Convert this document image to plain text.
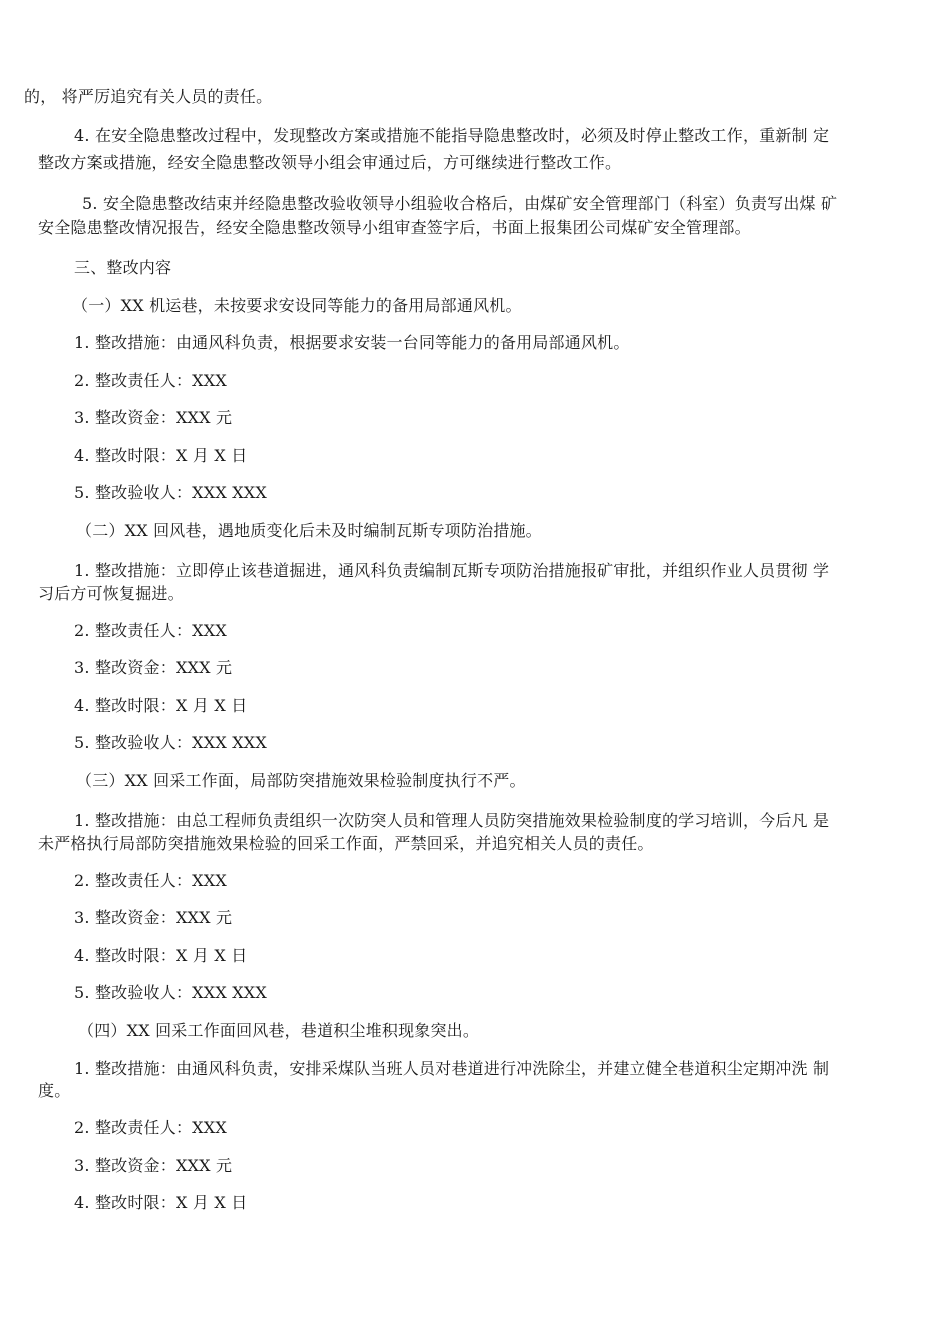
的， 将严厉追究有关人员的责任。
4. 在安全隐患整改过程中，发现整改方案或措施不能指导隐患整改时，必须及时停止整改工作，重新制 定
整改方案或措施，经安全隐患整改领导小组会审通过后，方可继续进行整改工作。
5. 安全隐患整改结束并经隐患整改验收领导小组验收合格后，由煤矿安全管理部门（科室）负责写出煤 矿
安全隐患整改情况报告，经安全隐患整改领导小组审查签字后，书面上报集团公司煤矿安全管理部。
三、整改内容
（一）XX 机运巷，未按要求安设同等能力的备用局部通风机。
1. 整改措施：由通风科负责，根据要求安装一台同等能力的备用局部通风机。
2. 整改责任人：XXX
3. 整改资金：XXX 元
4. 整改时限：X 月 X 日
5. 整改验收人：XXX XXX
（二）XX 回风巷，遇地质变化后未及时编制瓦斯专项防治措施。
1. 整改措施：立即停止该巷道掘进，通风科负责编制瓦斯专项防治措施报矿审批，并组织作业人员贯彻 学
习后方可恢复掘进。
2. 整改责任人：XXX
3. 整改资金：XXX 元
4. 整改时限：X 月 X 日
5. 整改验收人：XXX XXX
（三）XX 回采工作面，局部防突措施效果检验制度执行不严。
1. 整改措施：由总工程师负责组织一次防突人员和管理人员防突措施效果检验制度的学习培训，今后凡 是
未严格执行局部防突措施效果检验的回采工作面，严禁回采，并追究相关人员的责任。
2. 整改责任人：XXX
3. 整改资金：XXX 元
4. 整改时限：X 月 X 日
5. 整改验收人：XXX XXX
（四）XX 回采工作面回风巷，巷道积尘堆积现象突出。
1. 整改措施：由通风科负责，安排采煤队当班人员对巷道进行冲洗除尘，并建立健全巷道积尘定期冲洗 制
度。
2. 整改责任人：XXX
3. 整改资金：XXX 元
4. 整改时限：X 月 X 日
